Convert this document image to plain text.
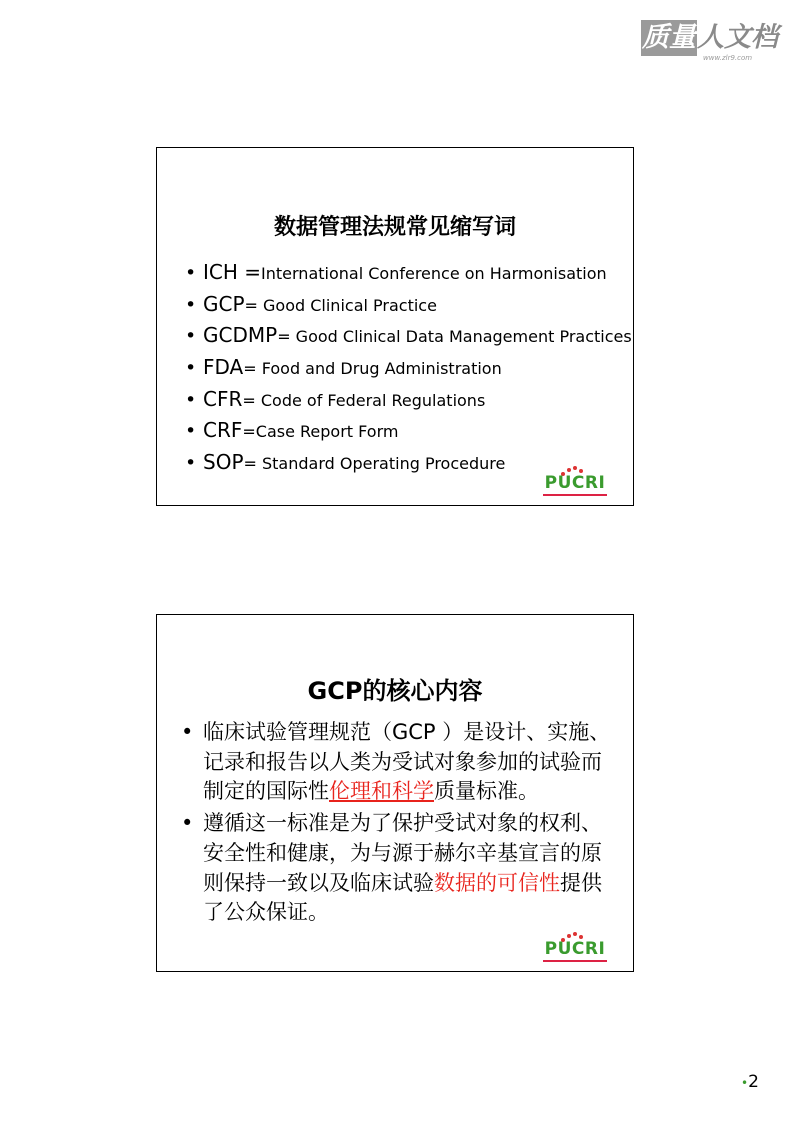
质量人文档
www.zlr9.com
数据管理法规常见缩写词
• ICH = International Conference on Harmonisation
• GCP = Good Clinical Practice
• GCDMP = Good Clinical Data Management Practices
• FDA = Food and Drug Administration
• CFR = Code of Federal Regulations
• CRF =Case Report Form
• SOP = Standard Operating Procedure
PUCRI
GCP的核心内容
• 临床试验管理规范（GCP ）是设计、实施、记录和报告以人类为受试对象参加的试验而制定的国际性伦理和科学质量标准。
• 遵循这一标准是为了保护受试对象的权利、安全性和健康，为与源于赫尔辛基宣言的原则保持一致以及临床试验数据的可信性提供了公众保证。
PUCRI
•2
